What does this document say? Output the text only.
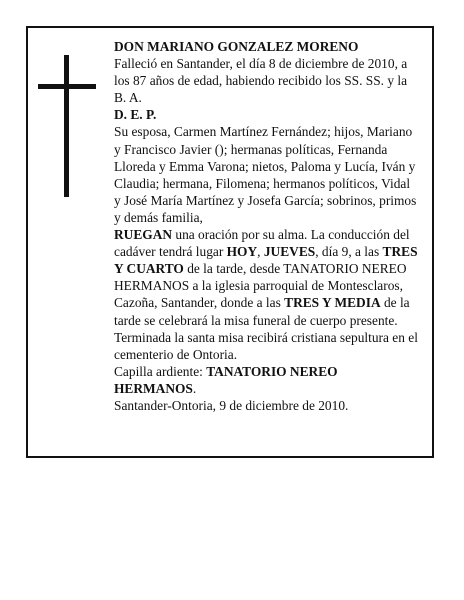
DON MARIANO GONZALEZ MORENO

Falleció en Santander, el día 8 de diciembre de 2010, a los 87 años de edad, habiendo recibido los SS. SS. y la B. A.

D. E. P.

Su esposa, Carmen Martínez Fernández; hijos, Mariano y Francisco Javier (); hermanas políticas, Fernanda Lloreda y Emma Varona; nietos, Paloma y Lucía, Iván y Claudia; hermana, Filomena; hermanos políticos, Vidal y José María Martínez y Josefa García; sobrinos, primos y demás familia,

RUEGAN una oración por su alma. La conducción del cadáver tendrá lugar HOY, JUEVES, día 9, a las TRES Y CUARTO de la tarde, desde TANATORIO NEREO HERMANOS a la iglesia parroquial de Montesclaros, Cazoña, Santander, donde a las TRES Y MEDIA de la tarde se celebrará la misa funeral de cuerpo presente. Terminada la santa misa recibirá cristiana sepultura en el cementerio de Ontoria.

Capilla ardiente: TANATORIO NEREO HERMANOS.

Santander-Ontoria, 9 de diciembre de 2010.
